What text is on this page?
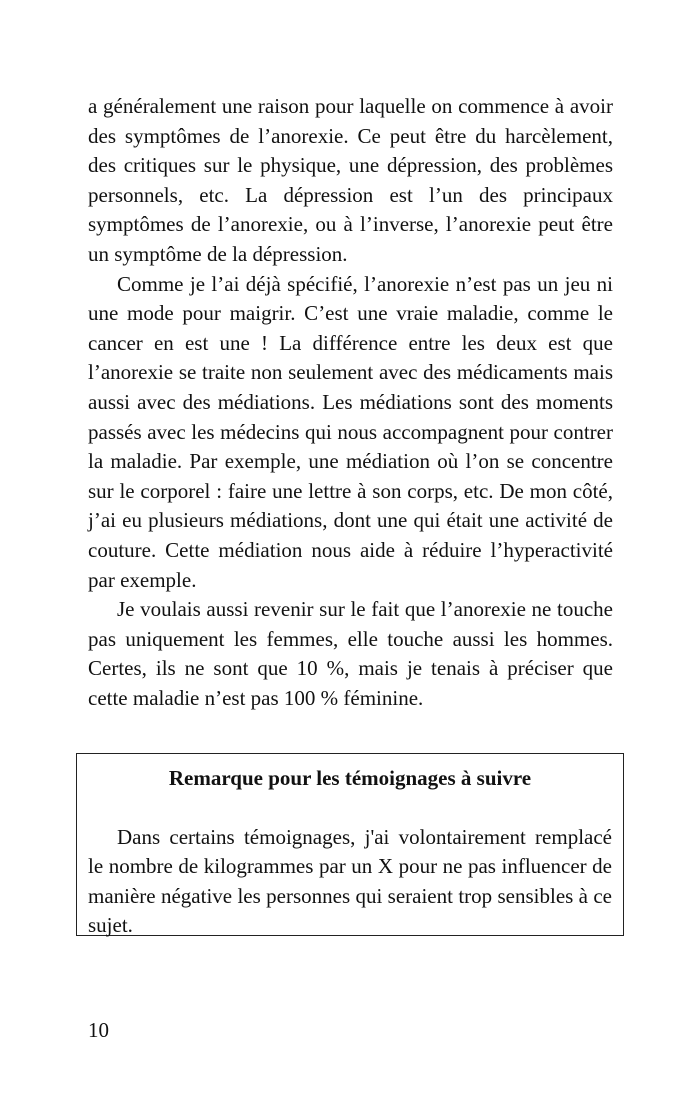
a généralement une raison pour laquelle on commence à avoir des symptômes de l’anorexie. Ce peut être du harcèlement, des critiques sur le physique, une dépression, des problèmes personnels, etc. La dépression est l’un des principaux symptômes de l’anorexie, ou à l’inverse, l’anorexie peut être un symptôme de la dépression.

Comme je l’ai déjà spécifié, l’anorexie n’est pas un jeu ni une mode pour maigrir. C’est une vraie maladie, comme le cancer en est une ! La différence entre les deux est que l’anorexie se traite non seulement avec des médicaments mais aussi avec des médiations. Les médiations sont des moments passés avec les médecins qui nous accompagnent pour contrer la maladie. Par exemple, une médiation où l’on se concentre sur le corporel : faire une lettre à son corps, etc. De mon côté, j’ai eu plusieurs médiations, dont une qui était une activité de couture. Cette médiation nous aide à réduire l’hyperactivité par exemple.

Je voulais aussi revenir sur le fait que l’anorexie ne touche pas uniquement les femmes, elle touche aussi les hommes. Certes, ils ne sont que 10 %, mais je tenais à préciser que cette maladie n’est pas 100 % féminine.

Remarque pour les témoignages à suivre

Dans certains témoignages, j'ai volontairement remplacé le nombre de kilogrammes par un X pour ne pas influencer de manière négative les personnes qui seraient trop sensibles à ce sujet.

10
